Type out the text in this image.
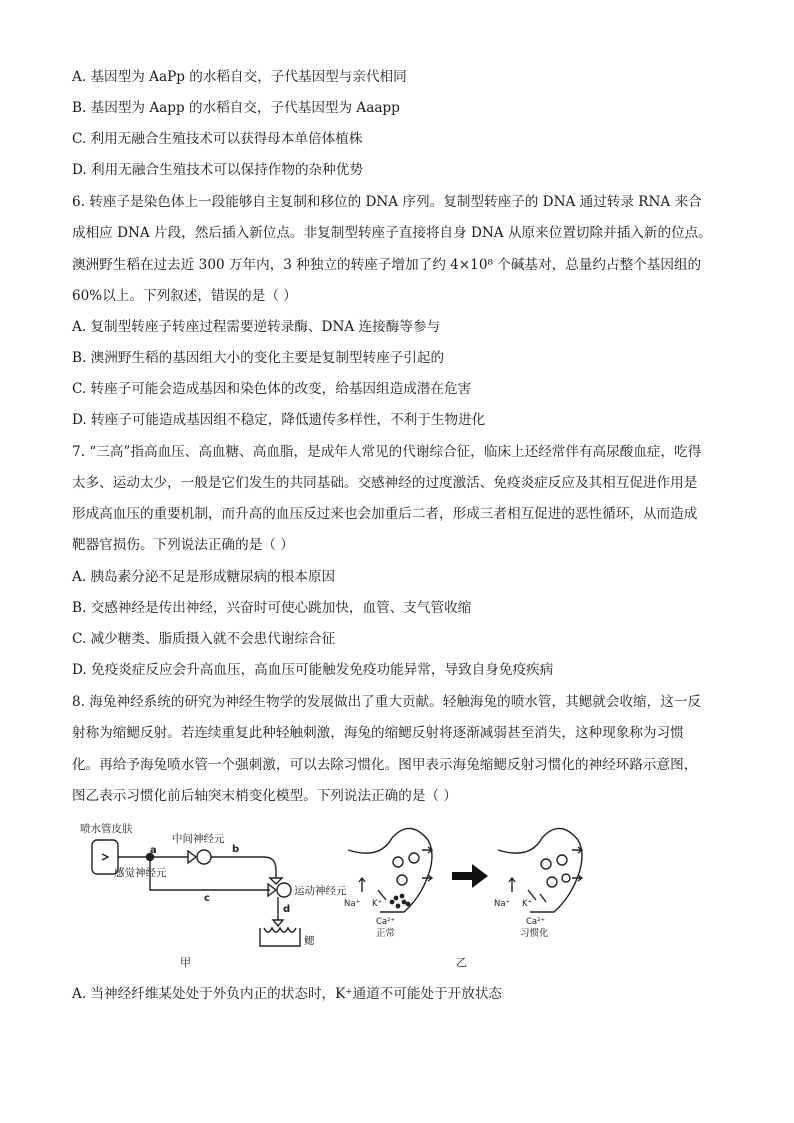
A. 基因型为 AaPp 的水稻自交，子代基因型与亲代相同
B. 基因型为 Aapp 的水稻自交，子代基因型为 Aaapp
C. 利用无融合生殖技术可以获得母本单倍体植株
D. 利用无融合生殖技术可以保持作物的杂种优势
6. 转座子是染色体上一段能够自主复制和移位的 DNA 序列。复制型转座子的 DNA 通过转录 RNA 来合
成相应 DNA 片段，然后插入新位点。非复制型转座子直接将自身 DNA 从原来位置切除并插入新的位点。
澳洲野生稻在过去近 300 万年内，3 种独立的转座子增加了约 4×10⁸ 个碱基对，总量约占整个基因组的
60%以上。下列叙述，错误的是（ ）
A. 复制型转座子转座过程需要逆转录酶、DNA 连接酶等参与
B. 澳洲野生稻的基因组大小的变化主要是复制型转座子引起的
C. 转座子可能会造成基因和染色体的改变，给基因组造成潜在危害
D. 转座子可能造成基因组不稳定，降低遗传多样性，不利于生物进化
7. “三高”指高血压、高血糖、高血脂，是成年人常见的代谢综合征，临床上还经常伴有高尿酸血症，吃得
太多、运动太少，一般是它们发生的共同基础。交感神经的过度激活、免疫炎症反应及其相互促进作用是
形成高血压的重要机制，而升高的血压反过来也会加重后二者，形成三者相互促进的恶性循环，从而造成
靶器官损伤。下列说法正确的是（ ）
A. 胰岛素分泌不足是形成糖尿病的根本原因
B. 交感神经是传出神经，兴奋时可使心跳加快，血管、支气管收缩
C. 减少糖类、脂质摄入就不会患代谢综合征
D. 免疫炎症反应会升高血压，高血压可能触发免疫功能异常，导致自身免疫疾病
8. 海兔神经系统的研究为神经生物学的发展做出了重大贡献。轻触海兔的喷水管，其鳃就会收缩，这一反
射称为缩鳃反射。若连续重复此种轻触刺激，海兔的缩鳃反射将逐渐减弱甚至消失，这种现象称为习惯
化。再给予海兔喷水管一个强刺激，可以去除习惯化。图甲表示海兔缩鳃反射习惯化的神经环路示意图，
图乙表示习惯化前后轴突末梢变化模型。下列说法正确的是（ ）
喷水管皮肤
a
感觉神经元
中间神经元
b
c
运动神经元
d
鳃
甲
Na⁺ K⁺
Ca²⁺
正常
Na⁺ K⁺
Ca²⁺
习惯化
乙
A. 当神经纤维某处处于外负内正的状态时，K⁺通道不可能处于开放状态
